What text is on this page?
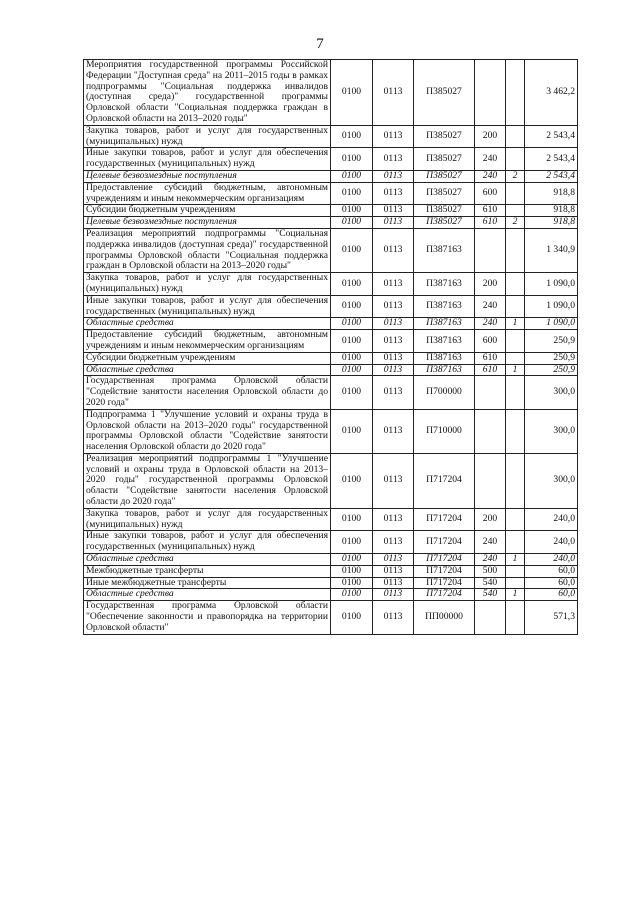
7
Мероприятия государственной программы Российской Федерации "Доступная среда" на 2011–2015 годы в рамках подпрограммы "Социальная поддержка инвалидов (доступная среда)" государственной программы Орловской области "Социальная поддержка граждан в Орловской области на 2013–2020 годы"	0100	0113	П385027			3 462,2
Закупка товаров, работ и услуг для государственных (муниципальных) нужд	0100	0113	П385027	200		2 543,4
Иные закупки товаров, работ и услуг для обеспечения государственных (муниципальных) нужд	0100	0113	П385027	240		2 543,4
Целевые безвозмездные поступления	0100	0113	П385027	240	2	2 543,4
Предоставление субсидий бюджетным, автономным учреждениям и иным некоммерческим организациям	0100	0113	П385027	600		918,8
Субсидии бюджетным учреждениям	0100	0113	П385027	610		918,8
Целевые безвозмездные поступления	0100	0113	П385027	610	2	918,8
Реализация мероприятий подпрограммы "Социальная поддержка инвалидов (доступная среда)" государственной программы Орловской области "Социальная поддержка граждан в Орловской области на 2013–2020 годы"	0100	0113	П387163			1 340,9
Закупка товаров, работ и услуг для государственных (муниципальных) нужд	0100	0113	П387163	200		1 090,0
Иные закупки товаров, работ и услуг для обеспечения государственных (муниципальных) нужд	0100	0113	П387163	240		1 090,0
Областные средства	0100	0113	П387163	240	1	1 090,0
Предоставление субсидий бюджетным, автономным учреждениям и иным некоммерческим организациям	0100	0113	П387163	600		250,9
Субсидии бюджетным учреждениям	0100	0113	П387163	610		250,9
Областные средства	0100	0113	П387163	610	1	250,9
Государственная программа Орловской области "Содействие занятости населения Орловской области до 2020 года"	0100	0113	П700000			300,0
Подпрограмма 1 "Улучшение условий и охраны труда в Орловской области на 2013–2020 годы" государственной программы Орловской области "Содействие занятости населения Орловской области до 2020 года"	0100	0113	П710000			300,0
Реализация мероприятий подпрограммы 1 "Улучшение условий и охраны труда в Орловской области на 2013–2020 годы" государственной программы Орловской области "Содействие занятости населения Орловской области до 2020 года"	0100	0113	П717204			300,0
Закупка товаров, работ и услуг для государственных (муниципальных) нужд	0100	0113	П717204	200		240,0
Иные закупки товаров, работ и услуг для обеспечения государственных (муниципальных) нужд	0100	0113	П717204	240		240,0
Областные средства	0100	0113	П717204	240	1	240,0
Межбюджетные трансферты	0100	0113	П717204	500		60,0
Иные межбюджетные трансферты	0100	0113	П717204	540		60,0
Областные средства	0100	0113	П717204	540	1	60,0
Государственная программа Орловской области "Обеспечение законности и правопорядка на территории Орловской области"	0100	0113	ПП00000			571,3
